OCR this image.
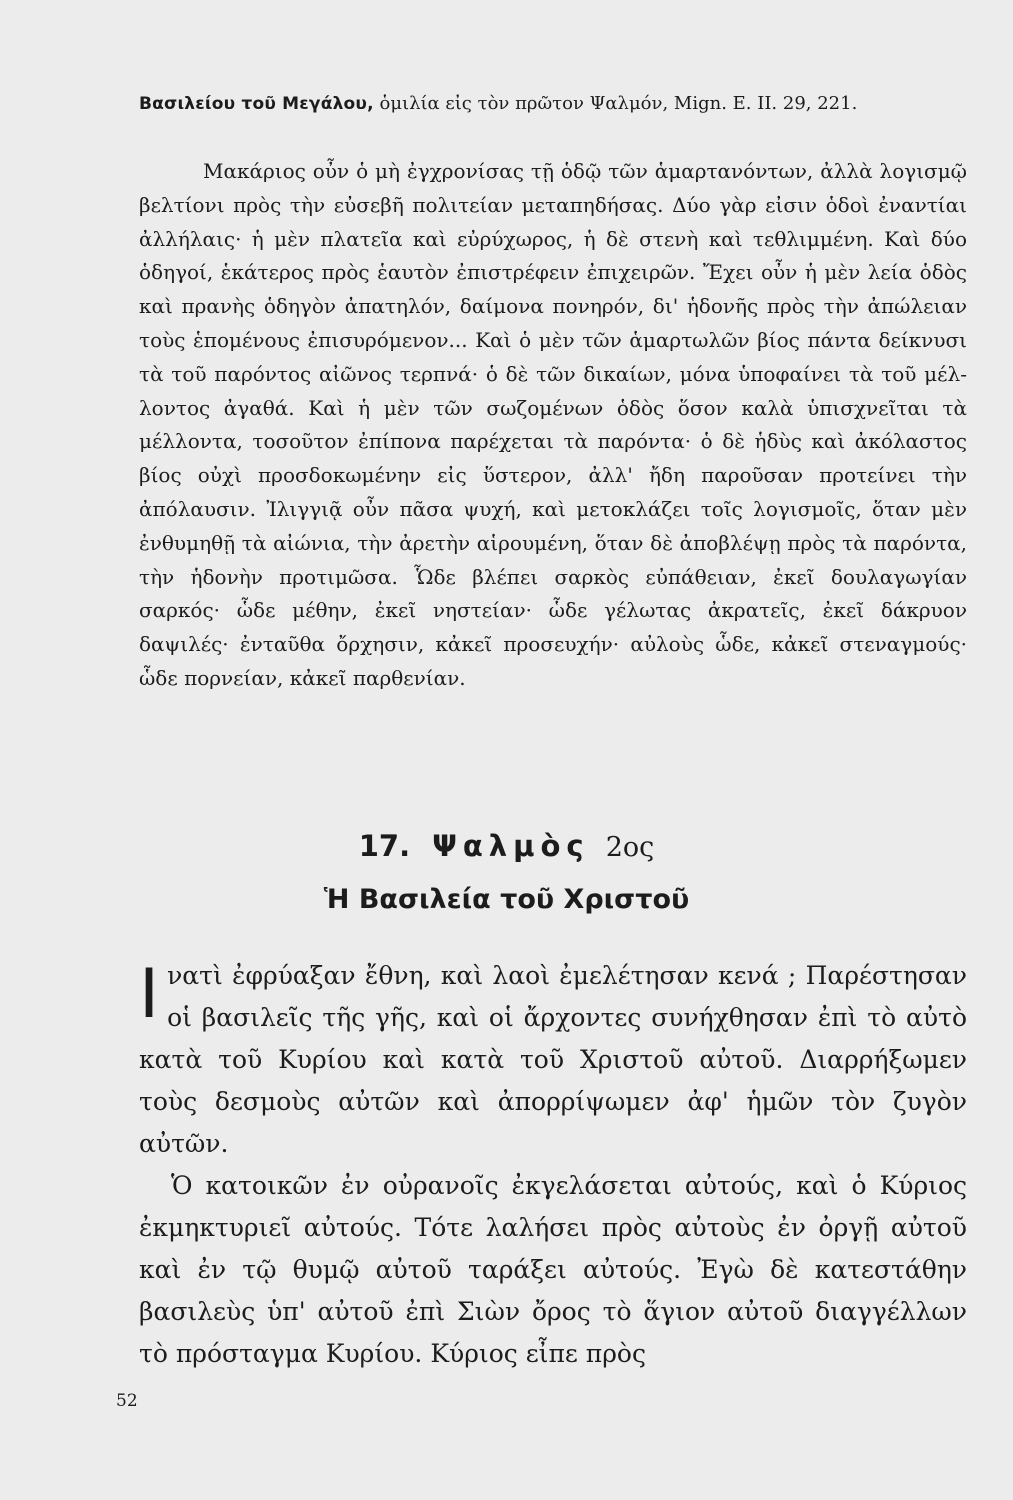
Βασιλείου τοῦ Μεγάλου, ὁμιλία εἰς τὸν πρῶτον Ψαλμόν, Mign. E. II. 29, 221.
Μακάριος οὖν ὁ μὴ ἐγχρονίσας τῇ ὁδῷ τῶν ἁμαρτανόντων, ἀλλὰ λογισμῷ βελτίονι πρὸς τὴν εὐσεβῆ πολιτείαν μεταπηδήσας. Δύο γὰρ εἰσιν ὁδοὶ ἐναντίαι ἀλλήλαις· ἡ μὲν πλατεῖα καὶ εὐρύχωρος, ἡ δὲ στενὴ καὶ τεθλιμμένη. Καὶ δύο ὁδηγοί, ἑκάτερος πρὸς ἑαυτὸν ἐπιστρέφειν ἐπιχειρῶν. Ἔχει οὖν ἡ μὲν λεία ὁδὸς καὶ πρανὴς ὁδηγὸν ἀπατηλόν, δαίμονα πονηρόν, δι' ἡδονῆς πρὸς τὴν ἀπώλειαν τοὺς ἑπομένους ἐπισυρόμενον... Καὶ ὁ μὲν τῶν ἁμαρτωλῶν βίος πάντα δείκνυσι τὰ τοῦ παρόντος αἰῶνος τερπνά· ὁ δὲ τῶν δικαίων, μόνα ὑποφαίνει τὰ τοῦ μέλλοντος ἀγαθά. Καὶ ἡ μὲν τῶν σωζομένων ὁδὸς ὅσον καλὰ ὑπισχνεῖται τὰ μέλλοντα, τοσοῦτον ἐπίπονα παρέχεται τὰ παρόντα· ὁ δὲ ἡδὺς καὶ ἀκόλαστος βίος οὐχὶ προσδοκωμένην εἰς ὕστερον, ἀλλ' ἤδη παροῦσαν προτείνει τὴν ἀπόλαυσιν. Ἰλιγγιᾷ οὖν πᾶσα ψυχή, καὶ μετοκλάζει τοῖς λογισμοῖς, ὅταν μὲν ἐνθυμηθῇ τὰ αἰώνια, τὴν ἀρετὴν αἱρουμένη, ὅταν δὲ ἀποβλέψῃ πρὸς τὰ παρόντα, τὴν ἡδονὴν προτιμῶσα. Ὧδε βλέπει σαρκὸς εὐπάθειαν, ἐκεῖ δουλαγωγίαν σαρκός· ὧδε μέθην, ἐκεῖ νηστείαν· ὧδε γέλωτας ἀκρατεῖς, ἐκεῖ δάκρυον δαψιλές· ἐνταῦθα ὄρχησιν, κἀκεῖ προσευχήν· αὐλοὺς ὧδε, κἀκεῖ στεναγμούς· ὧδε πορνείαν, κἀκεῖ παρθενίαν.
17. Ψαλμὸς 2ος
Ἡ Βασιλεία τοῦ Χριστοῦ

Ινατὶ ἐφρύαξαν ἔθνη, καὶ λαοὶ ἐμελέτησαν κενά ; Παρέστησαν οἱ βασιλεῖς τῆς γῆς, καὶ οἱ ἄρχοντες συνήχθησαν ἐπὶ τὸ αὐτὸ κατὰ τοῦ Κυρίου καὶ κατὰ τοῦ Χριστοῦ αὐτοῦ. Διαρρήξωμεν τοὺς δεσμοὺς αὐτῶν καὶ ἀπορρίψωμεν ἀφ' ἡμῶν τὸν ζυγὸν αὐτῶν.

Ὁ κατοικῶν ἐν οὐρανοῖς ἐκγελάσεται αὐτούς, καὶ ὁ Κύριος ἐκμηκτυριεῖ αὐτούς. Τότε λαλήσει πρὸς αὐτοὺς ἐν ὀργῇ αὐτοῦ καὶ ἐν τῷ θυμῷ αὐτοῦ ταράξει αὐτούς. Ἐγὼ δὲ κατεστάθην βασιλεὺς ὑπ' αὐτοῦ ἐπὶ Σιὼν ὄρος τὸ ἅγιον αὐτοῦ διαγγέλλων τὸ πρόσταγμα Κυρίου. Κύριος εἶπε πρὸς

52
